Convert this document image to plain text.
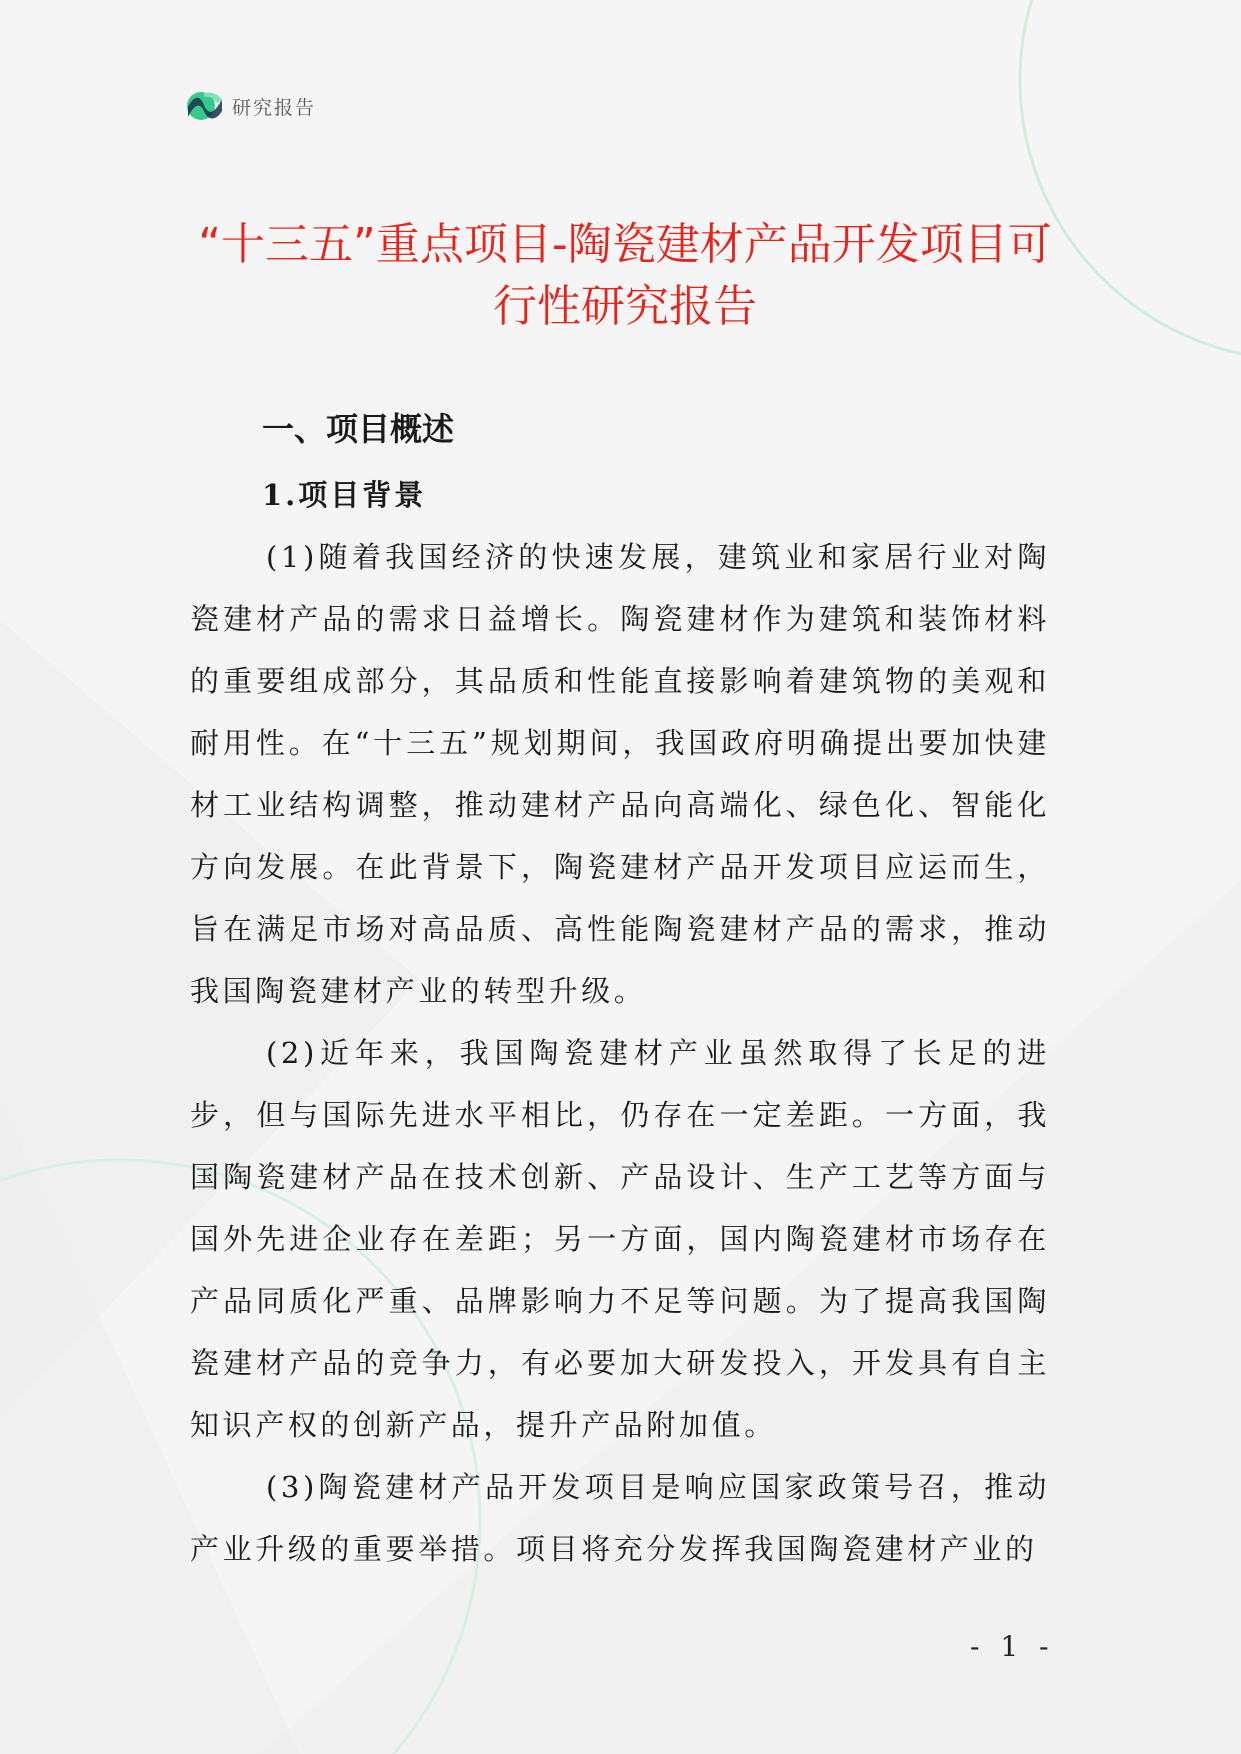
研究报告
“十三五”重点项目-陶瓷建材产品开发项目可行性研究报告
一、项目概述
1.项目背景

(1)随着我国经济的快速发展，建筑业和家居行业对陶瓷建材产品的需求日益增长。陶瓷建材作为建筑和装饰材料的重要组成部分，其品质和性能直接影响着建筑物的美观和耐用性。在“十三五”规划期间，我国政府明确提出要加快建材工业结构调整，推动建材产品向高端化、绿色化、智能化方向发展。在此背景下，陶瓷建材产品开发项目应运而生，旨在满足市场对高品质、高性能陶瓷建材产品的需求，推动我国陶瓷建材产业的转型升级。

(2)近年来，我国陶瓷建材产业虽然取得了长足的进步，但与国际先进水平相比，仍存在一定差距。一方面，我国陶瓷建材产品在技术创新、产品设计、生产工艺等方面与国外先进企业存在差距；另一方面，国内陶瓷建材市场存在产品同质化严重、品牌影响力不足等问题。为了提高我国陶瓷建材产品的竞争力，有必要加大研发投入，开发具有自主知识产权的创新产品，提升产品附加值。

(3)陶瓷建材产品开发项目是响应国家政策号召，推动产业升级的重要举措。项目将充分发挥我国陶瓷建材产业的

- 1 -
